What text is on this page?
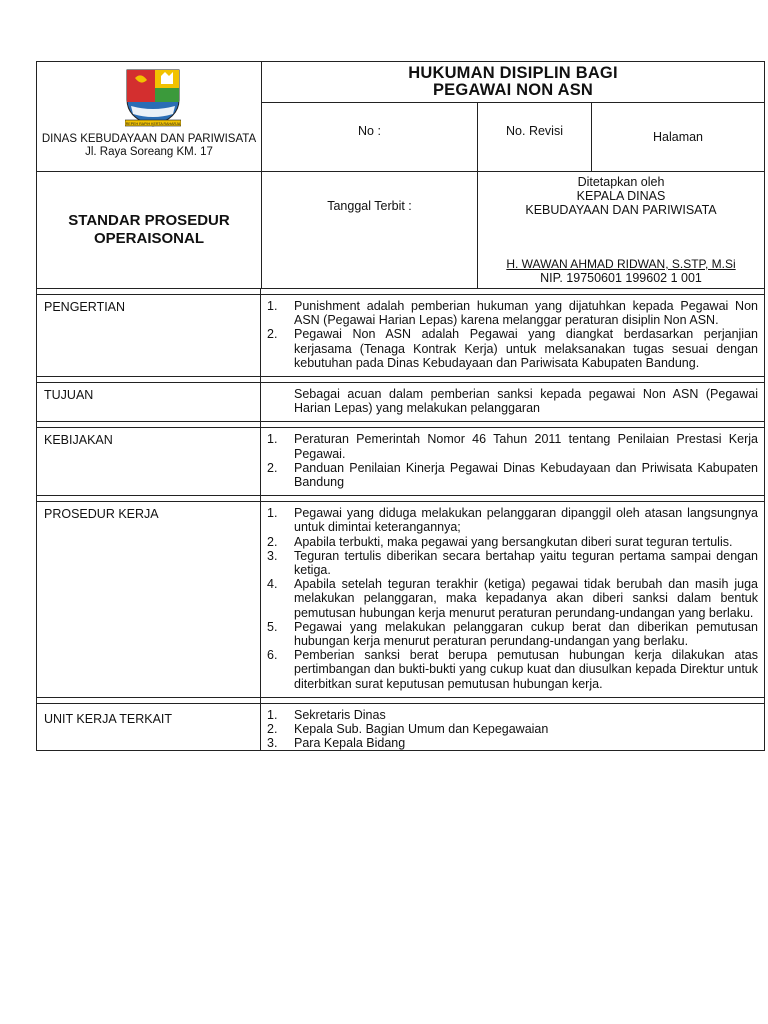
REPEH RAPIH KERTA RAHARJA
DINAS KEBUDAYAAN DAN PARIWISATA
Jl. Raya Soreang KM. 17
HUKUMAN DISIPLIN BAGI
PEGAWAI NON ASN
No :	No. Revisi	Halaman
STANDAR PROSEDUR
OPERAISONAL
Tanggal Terbit :
Ditetapkan oleh
KEPALA DINAS
KEBUDAYAAN DAN PARIWISATA
H. WAWAN AHMAD RIDWAN, S.STP, M.Si
NIP. 19750601 199602 1 001
PENGERTIAN	1.	Punishment adalah pemberian hukuman yang dijatuhkan kepada Pegawai Non ASN (Pegawai Harian Lepas) karena melanggar peraturan disiplin Non ASN.
2.	Pegawai Non ASN adalah Pegawai yang diangkat berdasarkan perjanjian kerjasama (Tenaga Kontrak Kerja) untuk melaksanakan tugas sesuai dengan kebutuhan pada Dinas Kebudayaan dan Pariwisata Kabupaten Bandung.
TUJUAN	Sebagai acuan dalam pemberian sanksi kepada pegawai Non ASN (Pegawai Harian Lepas) yang melakukan pelanggaran
KEBIJAKAN	1.	Peraturan Pemerintah Nomor 46 Tahun 2011 tentang Penilaian Prestasi Kerja Pegawai.
2.	Panduan Penilaian Kinerja Pegawai Dinas Kebudayaan dan Priwisata Kabupaten Bandung
PROSEDUR KERJA	1.	Pegawai yang diduga melakukan pelanggaran dipanggil oleh atasan langsungnya untuk dimintai keterangannya;
2.	Apabila terbukti, maka pegawai yang bersangkutan diberi surat teguran tertulis.
3.	Teguran tertulis diberikan secara bertahap yaitu teguran pertama sampai dengan ketiga.
4.	Apabila setelah teguran terakhir (ketiga) pegawai tidak berubah dan masih juga melakukan pelanggaran, maka kepadanya akan diberi sanksi dalam bentuk pemutusan hubungan kerja menurut peraturan perundang-undangan yang berlaku.
5.	Pegawai yang melakukan pelanggaran cukup berat dan diberikan pemutusan hubungan kerja menurut peraturan perundang-undangan yang berlaku.
6.	Pemberian sanksi berat berupa pemutusan hubungan kerja dilakukan atas pertimbangan dan bukti-bukti yang cukup kuat dan diusulkan kepada Direktur untuk diterbitkan surat keputusan pemutusan hubungan kerja.
UNIT KERJA TERKAIT	1.	Sekretaris Dinas
2.	Kepala Sub. Bagian Umum dan Kepegawaian
3.	Para Kepala Bidang
